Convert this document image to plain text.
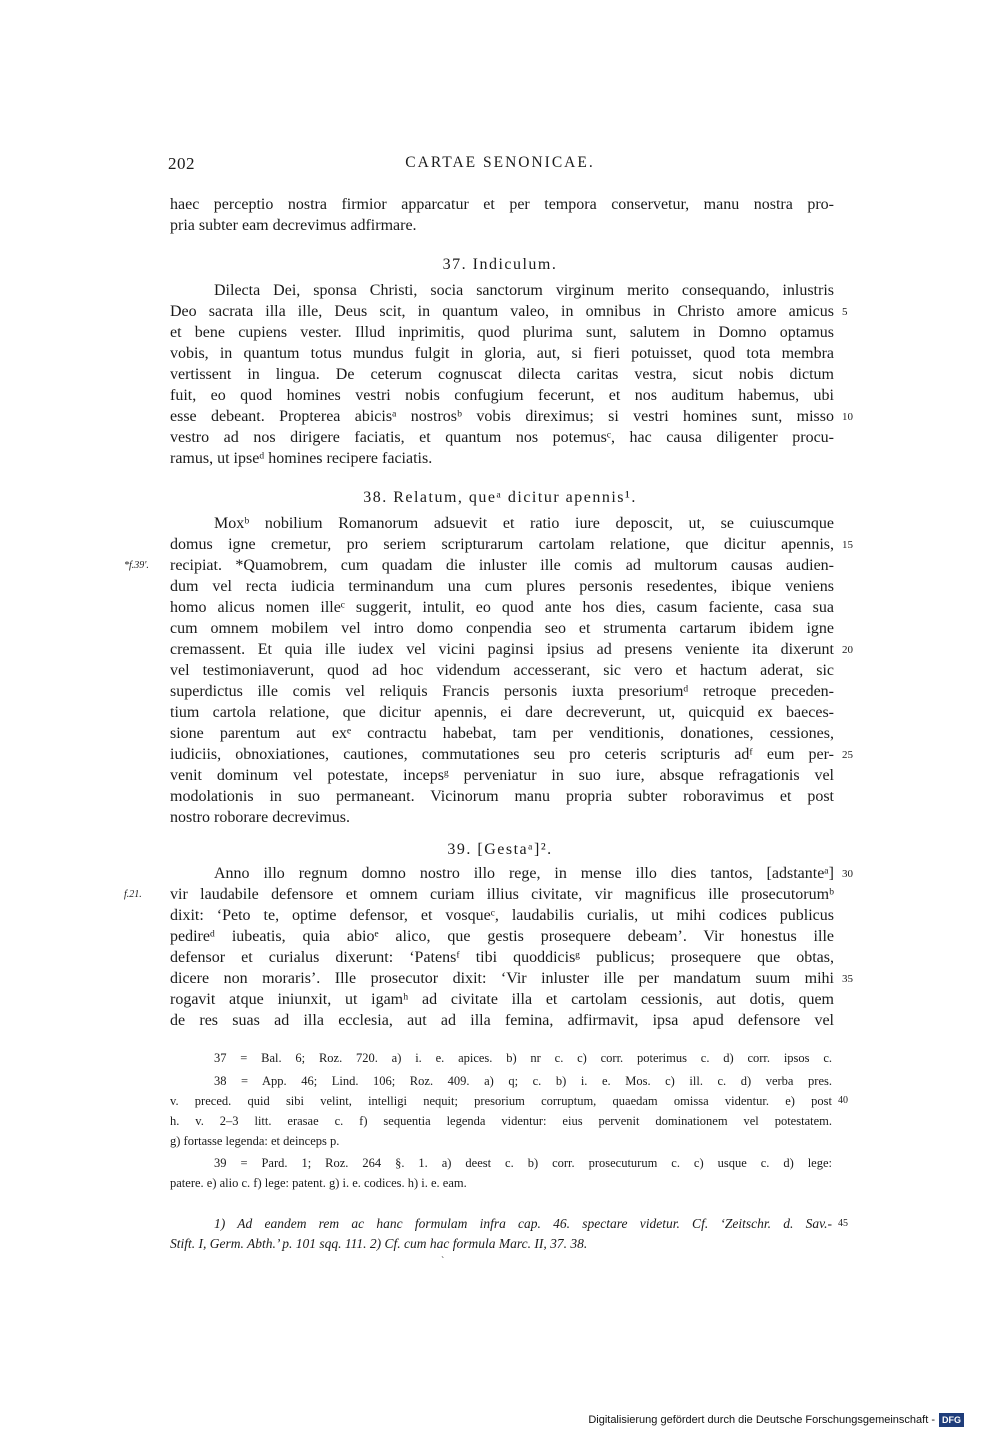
202	CARTAE SENONICAE.
haec perceptio nostra firmior apparcatur et per tempora conservetur, manu nostra pro-
pria subter eam decrevimus adfirmare.
37. Indiculum.
Dilecta Dei, sponsa Christi, socia sanctorum virginum merito consequando, inlustris
Deo sacrata illa ille, Deus scit, in quantum valeo, in omnibus in Christo amore amicus
et bene cupiens vester. Illud inprimitis, quod plurima sunt, salutem in Domno optamus
vobis, in quantum totus mundus fulgit in gloria, aut, si fieri potuisset, quod tota membra
vertissent in lingua. De ceterum cognuscat dilecta caritas vestra, sicut nobis dictum
fuit, eo quod homines vestri nobis confugium fecerunt, et nos auditum habemus, ubi
esse debeant. Propterea abicisᵃ nostrosᵇ vobis direximus; si vestri homines sunt, misso
vestro ad nos dirigere faciatis, et quantum nos potemusᶜ, hac causa diligenter procu-
ramus, ut ipseᵈ homines recipere faciatis.
5
10
38. Relatum, queᵃ dicitur apennis¹.
Moxᵇ nobilium Romanorum adsuevit et ratio iure deposcit, ut, se cuiuscumque
domus igne cremetur, pro seriem scripturarum cartolam relatione, que dicitur apennis,
recipiat. *Quamobrem, cum quadam die inluster ille comis ad multorum causas audien-
dum vel recta iudicia terminandum una cum plures personis resedentes, ibique veniens
homo alicus nomen illeᶜ suggerit, intulit, eo quod ante hos dies, casum faciente, casa sua
cum omnem mobilem vel intro domo conpendia seo et strumenta cartarum ibidem igne
cremassent. Et quia ille iudex vel vicini paginsi ipsius ad presens veniente ita dixerunt
vel testimoniaverunt, quod ad hoc videndum accesserant, sic vero et hactum aderat, sic
superdictus ille comis vel reliquis Francis personis iuxta presoriumᵈ retroque preceden-
tium cartola relatione, que dicitur apennis, ei dare decreverunt, ut, quicquid ex baeces-
sione parentum aut exᵉ contractu habebat, tam per venditionis, donationes, cessiones,
iudiciis, obnoxiationes, cautiones, commutationes seu pro ceteris scripturis adᶠ eum per-
venit dominum vel potestate, incepsᵍ perveniatur in suo iure, absque refragationis vel
modolationis in suo permaneant. Vicinorum manu propria subter roboravimus et post
nostro roborare decrevimus.
*f.39'.
15
20
25
39. [Gestaᵃ]².
Anno illo regnum domno nostro illo rege, in mense illo dies tantos, [adstanteᵃ]
vir laudabile defensore et omnem curiam illius civitate, vir magnificus ille prosecutorumᵇ
dixit: ‘Peto te, optime defensor, et vosqueᶜ, laudabilis curialis, ut mihi codices publicus
pedireᵈ iubeatis, quia abioᵉ alico, que gestis prosequere debeam’. Vir honestus ille
defensor et curialus dixerunt: ‘Patensᶠ tibi quoddicisᵍ publicus; prosequere que obtas,
dicere non moraris’. Ille prosecutor dixit: ‘Vir inluster ille per mandatum suum mihi
rogavit atque iniunxit, ut igamʰ ad civitate illa et cartolam cessionis, aut dotis, quem
de res suas ad illa ecclesia, aut ad illa femina, adfirmavit, ipsa apud defensore vel
f.21.
30
35
37 = Bal. 6; Roz. 720. a) i. e. apices. b) nr c. c) corr. poterimus c. d) corr. ipsos c.
38 = App. 46; Lind. 106; Roz. 409. a) q; c. b) i. e. Mos. c) ill. c. d) verba pres.
v. preced. quid sibi velint, intelligi nequit; presorium corruptum, quaedam omissa videntur. e) post
h. v. 2–3 litt. erasae c. f) sequentia legenda videntur: eius pervenit dominationem vel potestatem.
g) fortasse legenda: et deinceps p.
39 = Pard. 1; Roz. 264 §. 1. a) deest c. b) corr. prosecuturum c. c) usque c. d) lege:
patere. e) alio c. f) lege: patent. g) i. e. codices. h) i. e. eam.
40
1) Ad eandem rem ac hanc formulam infra cap. 46. spectare videtur. Cf. ‘Zeitschr. d. Sav.-
Stift. I, Germ. Abth.’ p. 101 sqq. 111. 2) Cf. cum hac formula Marc. II, 37. 38.
45
ˋ
Digitalisierung gefördert durch die Deutsche Forschungsgemeinschaft - DFG
